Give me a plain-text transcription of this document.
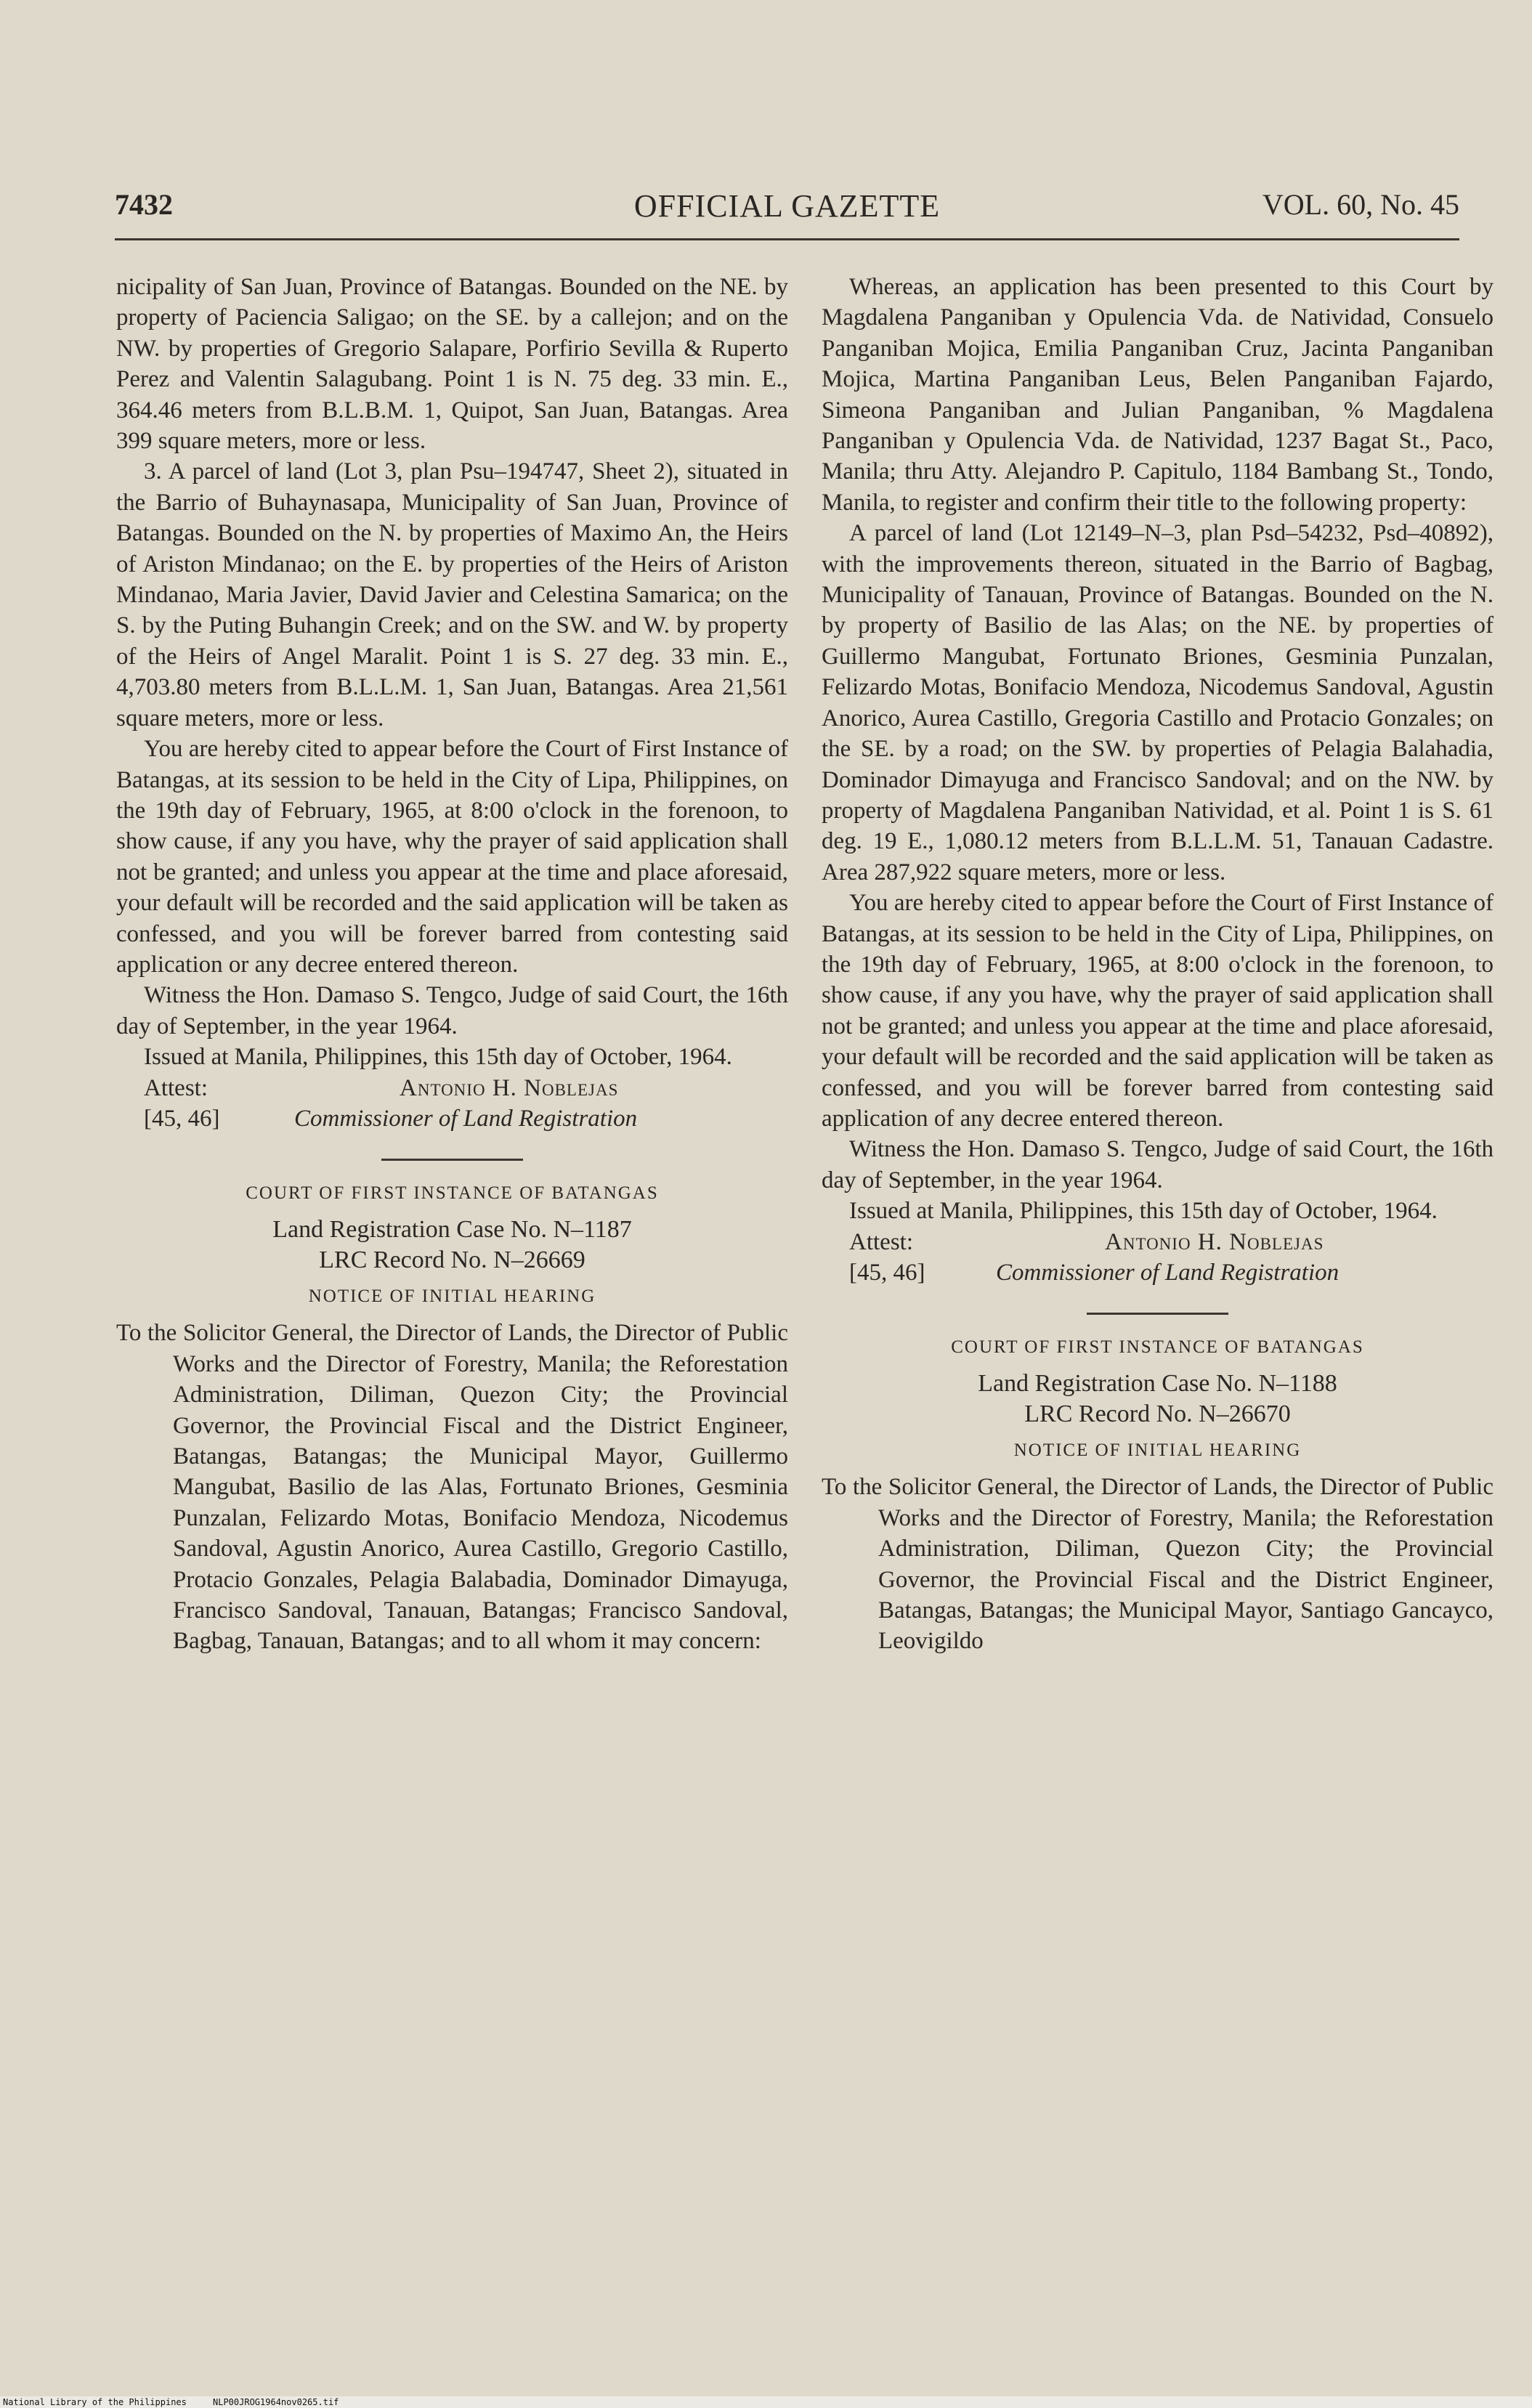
7432	OFFICIAL GAZETTE	VOL. 60, No. 45

nicipality of San Juan, Province of Batangas. Bounded on the NE. by property of Paciencia Saligao; on the SE. by a callejon; and on the NW. by properties of Gregorio Salapare, Porfirio Sevilla & Ruperto Perez and Valentin Salagubang. Point 1 is N. 75 deg. 33 min. E., 364.46 meters from B.L.B.M. 1, Quipot, San Juan, Batangas. Area 399 square meters, more or less.

3. A parcel of land (Lot 3, plan Psu–194747, Sheet 2), situated in the Barrio of Buhaynasapa, Municipality of San Juan, Province of Batangas. Bounded on the N. by properties of Maximo An, the Heirs of Ariston Mindanao; on the E. by properties of the Heirs of Ariston Mindanao, Maria Javier, David Javier and Celestina Samarica; on the S. by the Puting Buhangin Creek; and on the SW. and W. by property of the Heirs of Angel Maralit. Point 1 is S. 27 deg. 33 min. E., 4,703.80 meters from B.L.L.M. 1, San Juan, Batangas. Area 21,561 square meters, more or less.

You are hereby cited to appear before the Court of First Instance of Batangas, at its session to be held in the City of Lipa, Philippines, on the 19th day of February, 1965, at 8:00 o'clock in the forenoon, to show cause, if any you have, why the prayer of said application shall not be granted; and unless you appear at the time and place aforesaid, your default will be recorded and the said application will be taken as confessed, and you will be forever barred from contesting said application or any decree entered thereon.

Witness the Hon. Damaso S. Tengco, Judge of said Court, the 16th day of September, in the year 1964.

Issued at Manila, Philippines, this 15th day of October, 1964.

Attest:	Antonio H. Noblejas
[45, 46]	Commissioner of Land Registration
COURT OF FIRST INSTANCE OF BATANGAS
Land Registration Case No. N–1187
LRC Record No. N–26669
NOTICE OF INITIAL HEARING

To the Solicitor General, the Director of Lands, the Director of Public Works and the Director of Forestry, Manila; the Reforestation Administration, Diliman, Quezon City; the Provincial Governor, the Provincial Fiscal and the District Engineer, Batangas, Batangas; the Municipal Mayor, Guillermo Mangubat, Basilio de las Alas, Fortunato Briones, Gesminia Punzalan, Felizardo Motas, Bonifacio Mendoza, Nicodemus Sandoval, Agustin Anorico, Aurea Castillo, Gregorio Castillo, Protacio Gonzales, Pelagia Balabadia, Dominador Dimayuga, Francisco Sandoval, Tanauan, Batangas; Francisco Sandoval, Bagbag, Tanauan, Batangas; and to all whom it may concern:

Whereas, an application has been presented to this Court by Magdalena Panganiban y Opulencia Vda. de Natividad, Consuelo Panganiban Mojica, Emilia Panganiban Cruz, Jacinta Panganiban Mojica, Martina Panganiban Leus, Belen Panganiban Fajardo, Simeona Panganiban and Julian Panganiban, % Magdalena Panganiban y Opulencia Vda. de Natividad, 1237 Bagat St., Paco, Manila; thru Atty. Alejandro P. Capitulo, 1184 Bambang St., Tondo, Manila, to register and confirm their title to the following property:

A parcel of land (Lot 12149–N–3, plan Psd–54232, Psd–40892), with the improvements thereon, situated in the Barrio of Bagbag, Municipality of Tanauan, Province of Batangas. Bounded on the N. by property of Basilio de las Alas; on the NE. by properties of Guillermo Mangubat, Fortunato Briones, Gesminia Punzalan, Felizardo Motas, Bonifacio Mendoza, Nicodemus Sandoval, Agustin Anorico, Aurea Castillo, Gregoria Castillo and Protacio Gonzales; on the SE. by a road; on the SW. by properties of Pelagia Balahadia, Dominador Dimayuga and Francisco Sandoval; and on the NW. by property of Magdalena Panganiban Natividad, et al. Point 1 is S. 61 deg. 19 E., 1,080.12 meters from B.L.L.M. 51, Tanauan Cadastre. Area 287,922 square meters, more or less.

You are hereby cited to appear before the Court of First Instance of Batangas, at its session to be held in the City of Lipa, Philippines, on the 19th day of February, 1965, at 8:00 o'clock in the forenoon, to show cause, if any you have, why the prayer of said application shall not be granted; and unless you appear at the time and place aforesaid, your default will be recorded and the said application will be taken as confessed, and you will be forever barred from contesting said application of any decree entered thereon.

Witness the Hon. Damaso S. Tengco, Judge of said Court, the 16th day of September, in the year 1964.

Issued at Manila, Philippines, this 15th day of October, 1964.

Attest:	Antonio H. Noblejas
[45, 46]	Commissioner of Land Registration
COURT OF FIRST INSTANCE OF BATANGAS
Land Registration Case No. N–1188
LRC Record No. N–26670
NOTICE OF INITIAL HEARING

To the Solicitor General, the Director of Lands, the Director of Public Works and the Director of Forestry, Manila; the Reforestation Administration, Diliman, Quezon City; the Provincial Governor, the Provincial Fiscal and the District Engineer, Batangas, Batangas; the Municipal Mayor, Santiago Gancayco, Leovigildo

National Library of the Philippines	NLP00JROG1964nov0265.tif
